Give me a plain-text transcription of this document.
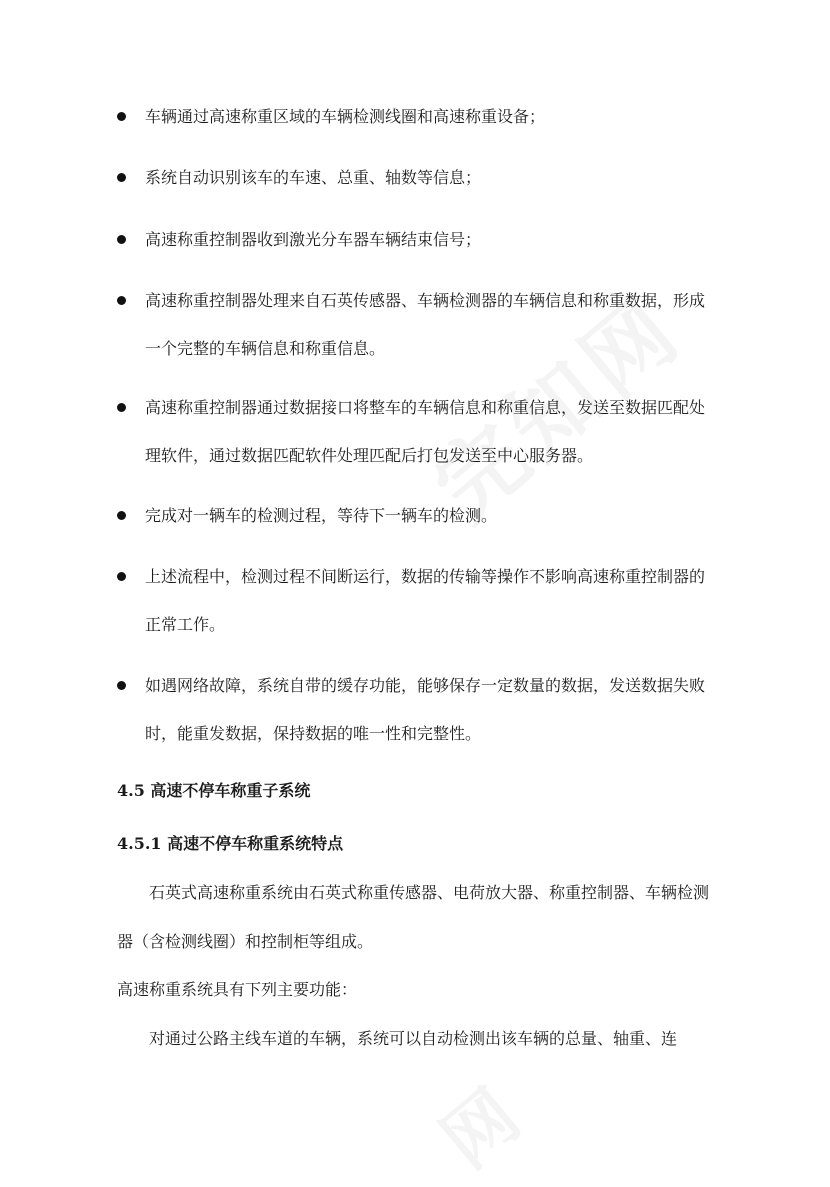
车辆通过高速称重区域的车辆检测线圈和高速称重设备；

系统自动识别该车的车速、总重、轴数等信息；

高速称重控制器收到激光分车器车辆结束信号；

高速称重控制器处理来自石英传感器、车辆检测器的车辆信息和称重数据，形成一个完整的车辆信息和称重信息。

高速称重控制器通过数据接口将整车的车辆信息和称重信息，发送至数据匹配处理软件，通过数据匹配软件处理匹配后打包发送至中心服务器。

完成对一辆车的检测过程，等待下一辆车的检测。

上述流程中，检测过程不间断运行，数据的传输等操作不影响高速称重控制器的正常工作。

如遇网络故障，系统自带的缓存功能，能够保存一定数量的数据，发送数据失败时，能重发数据，保持数据的唯一性和完整性。

4.5 高速不停车称重子系统
4.5.1 高速不停车称重系统特点

石英式高速称重系统由石英式称重传感器、电荷放大器、称重控制器、车辆检测器（含检测线圈）和控制柜等组成。

高速称重系统具有下列主要功能：

对通过公路主线车道的车辆，系统可以自动检测出该车辆的总量、轴重、连
